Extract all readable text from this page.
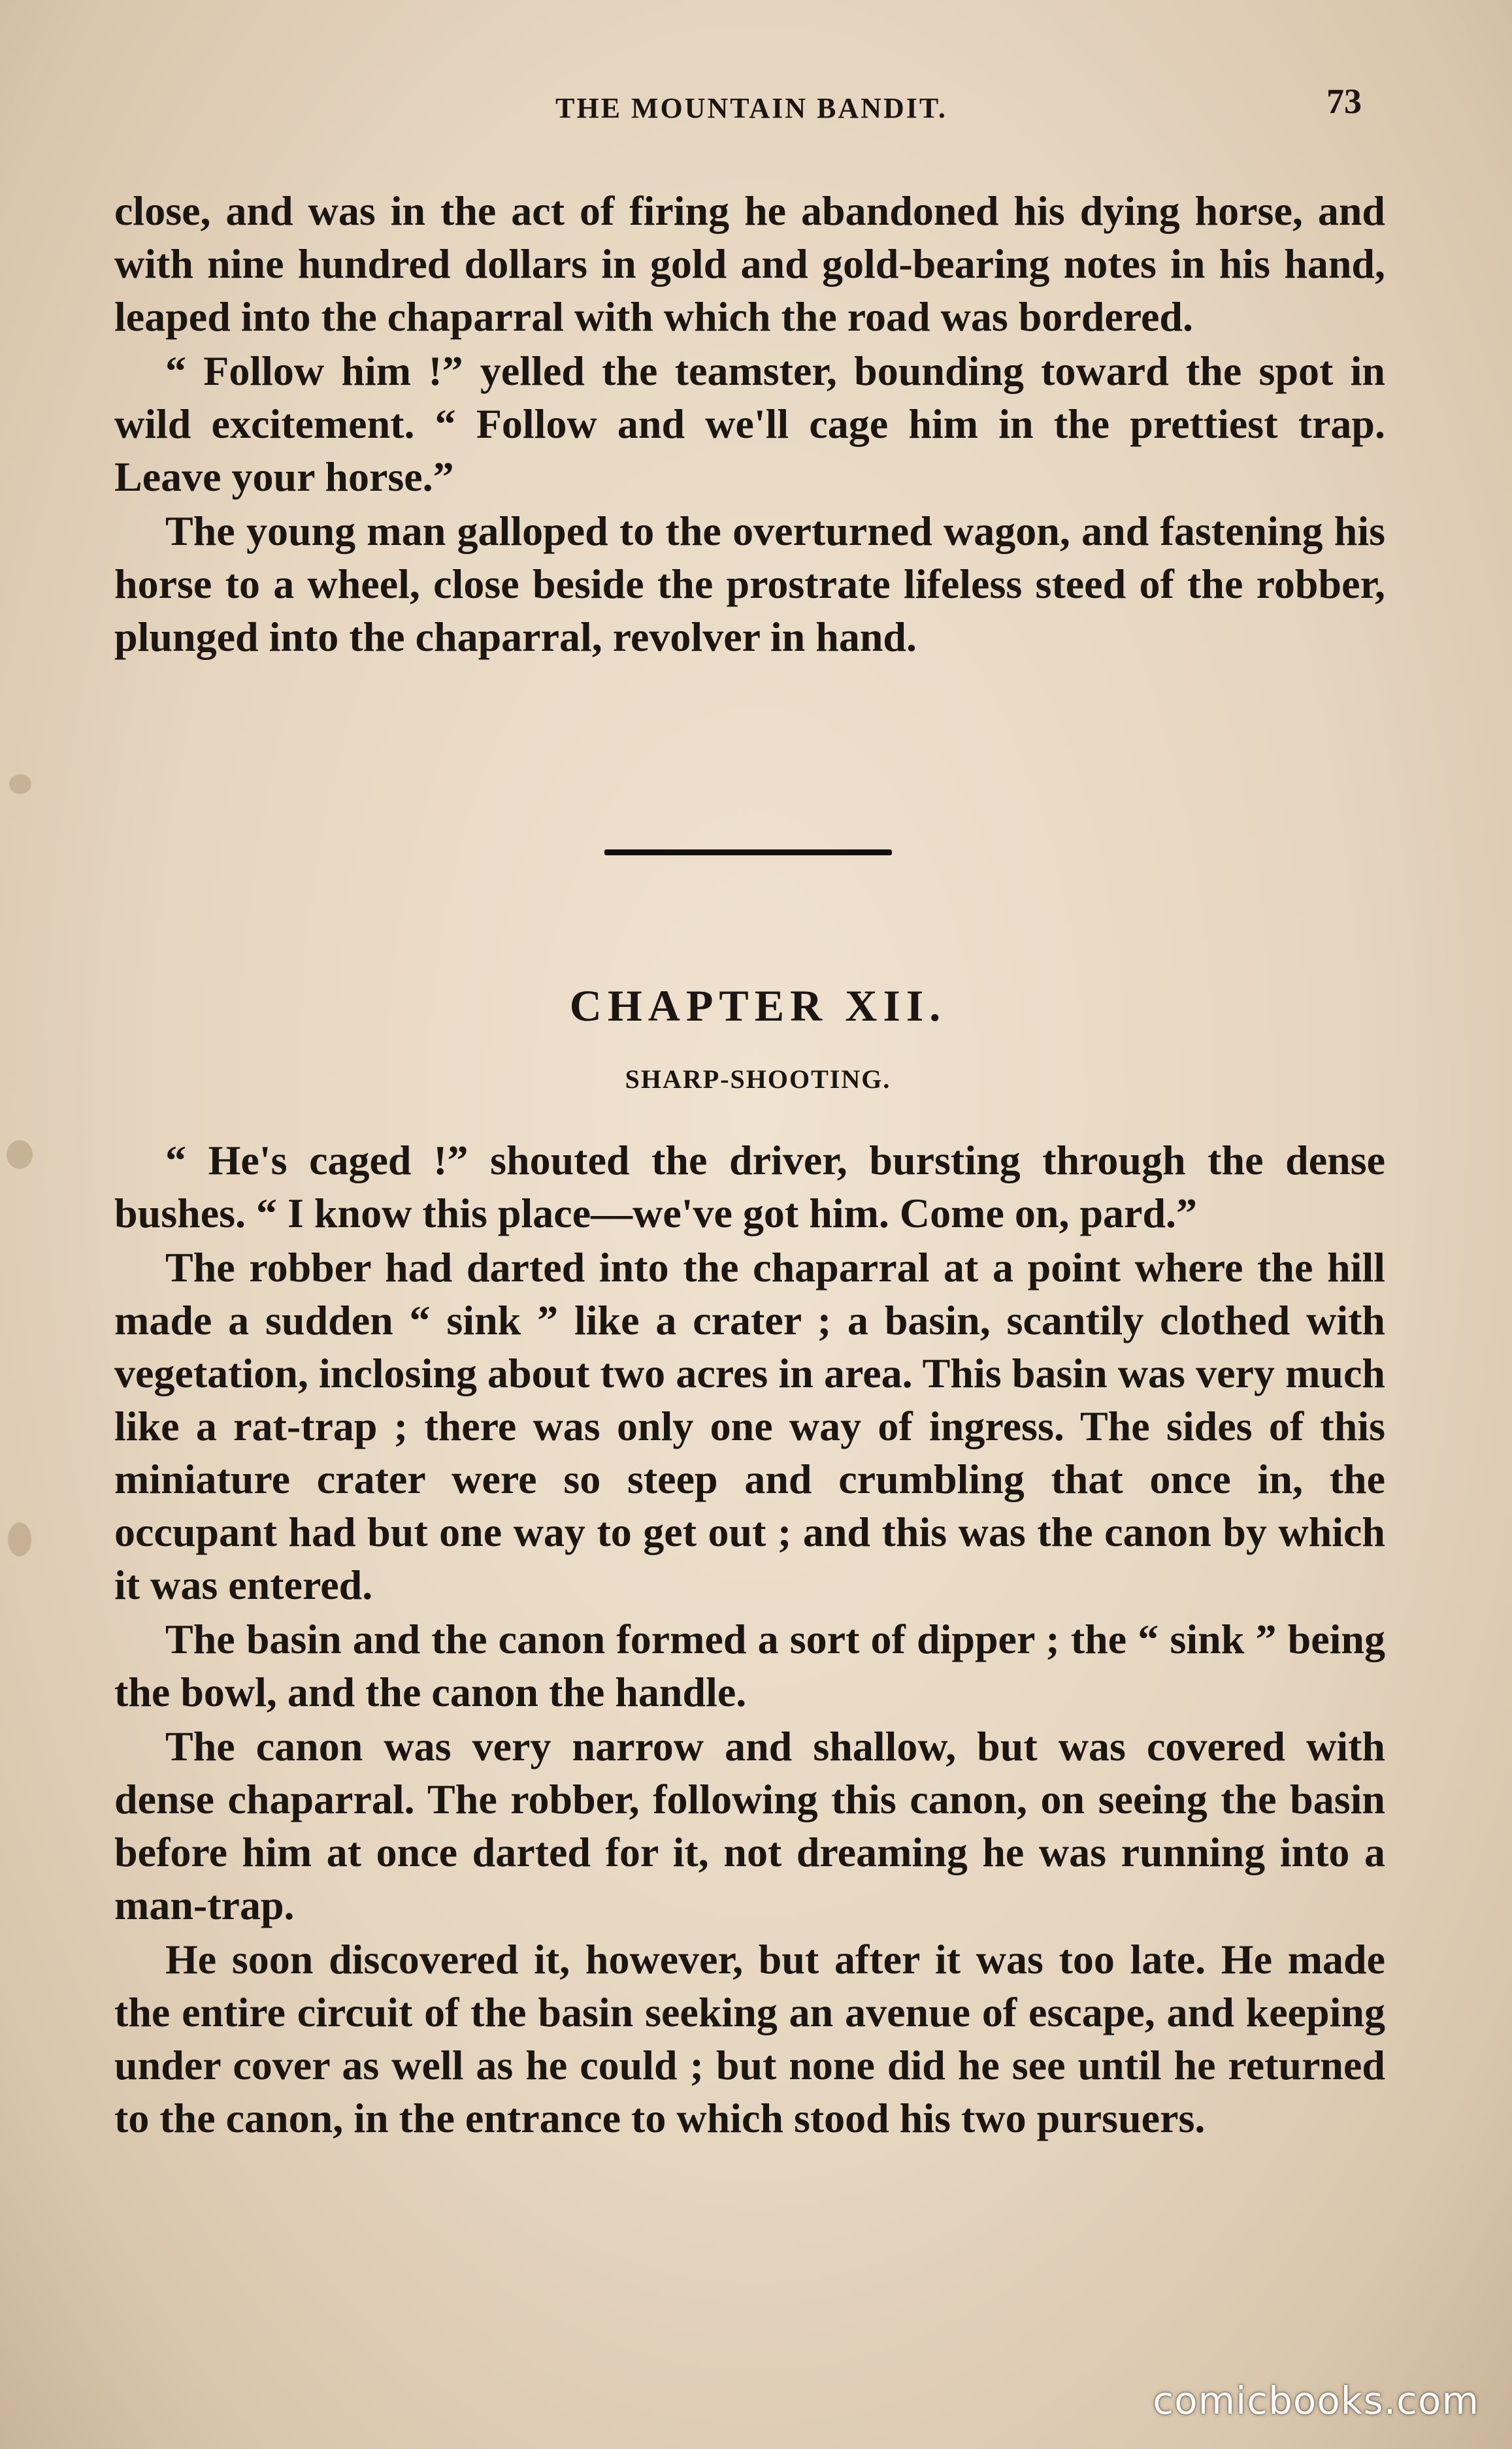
THE MOUNTAIN BANDIT.	73

close, and was in the act of firing he abandoned his dying horse, and with nine hundred dollars in gold and gold-bearing notes in his hand, leaped into the chaparral with which the road was bordered.

“ Follow him !” yelled the teamster, bounding toward the spot in wild excitement. “ Follow and we'll cage him in the prettiest trap. Leave your horse.”

The young man galloped to the overturned wagon, and fastening his horse to a wheel, close beside the prostrate lifeless steed of the robber, plunged into the chaparral, revolver in hand.

CHAPTER XII.
SHARP-SHOOTING.

“ He's caged !” shouted the driver, bursting through the dense bushes. “ I know this place—we've got him. Come on, pard.”

The robber had darted into the chaparral at a point where the hill made a sudden “ sink ” like a crater ; a basin, scantily clothed with vegetation, inclosing about two acres in area. This basin was very much like a rat-trap ; there was only one way of ingress. The sides of this miniature crater were so steep and crumbling that once in, the occupant had but one way to get out ; and this was the canon by which it was entered.

The basin and the canon formed a sort of dipper ; the “ sink ” being the bowl, and the canon the handle.

The canon was very narrow and shallow, but was covered with dense chaparral. The robber, following this canon, on seeing the basin before him at once darted for it, not dreaming he was running into a man-trap.

He soon discovered it, however, but after it was too late. He made the entire circuit of the basin seeking an avenue of escape, and keeping under cover as well as he could ; but none did he see until he returned to the canon, in the entrance to which stood his two pursuers.

comicbooks.com
